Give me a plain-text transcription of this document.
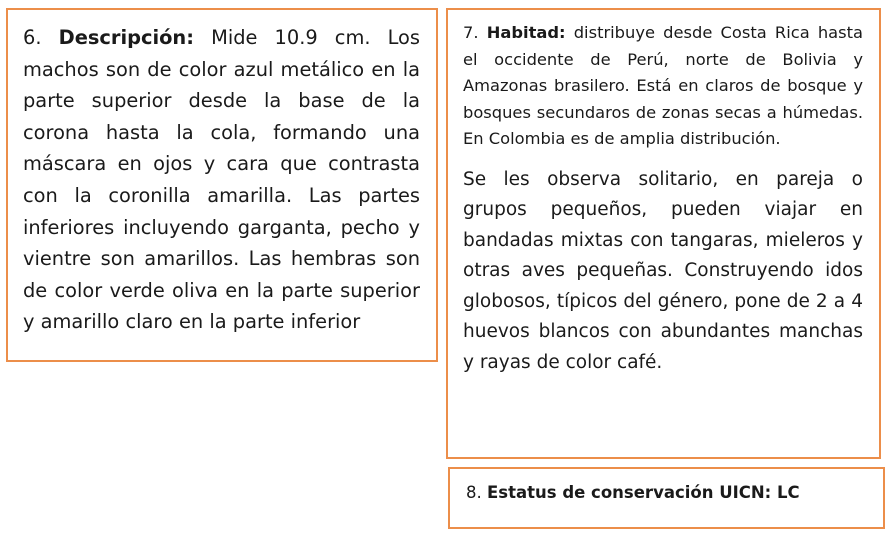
6. Descripción: Mide 10.9 cm. Los machos son de color azul metálico en la parte superior desde la base de la corona hasta la cola, formando una máscara en ojos y cara que contrasta con la coronilla amarilla. Las partes inferiores incluyendo garganta, pecho y vientre son amarillos. Las hembras son de color verde oliva en la parte superior y amarillo claro en la parte inferior

7. Habitad: distribuye desde Costa Rica hasta el occidente de Perú, norte de Bolivia y Amazonas brasilero. Está en claros de bosque y bosques secundaros de zonas secas a húmedas. En Colombia es de amplia distribución.

Se les observa solitario, en pareja o grupos pequeños, pueden viajar en bandadas mixtas con tangaras, mieleros y otras aves pequeñas. Construyendo idos globosos, típicos del género, pone de 2 a 4 huevos blancos con abundantes manchas y rayas de color café.

8. Estatus de conservación UICN: LC
